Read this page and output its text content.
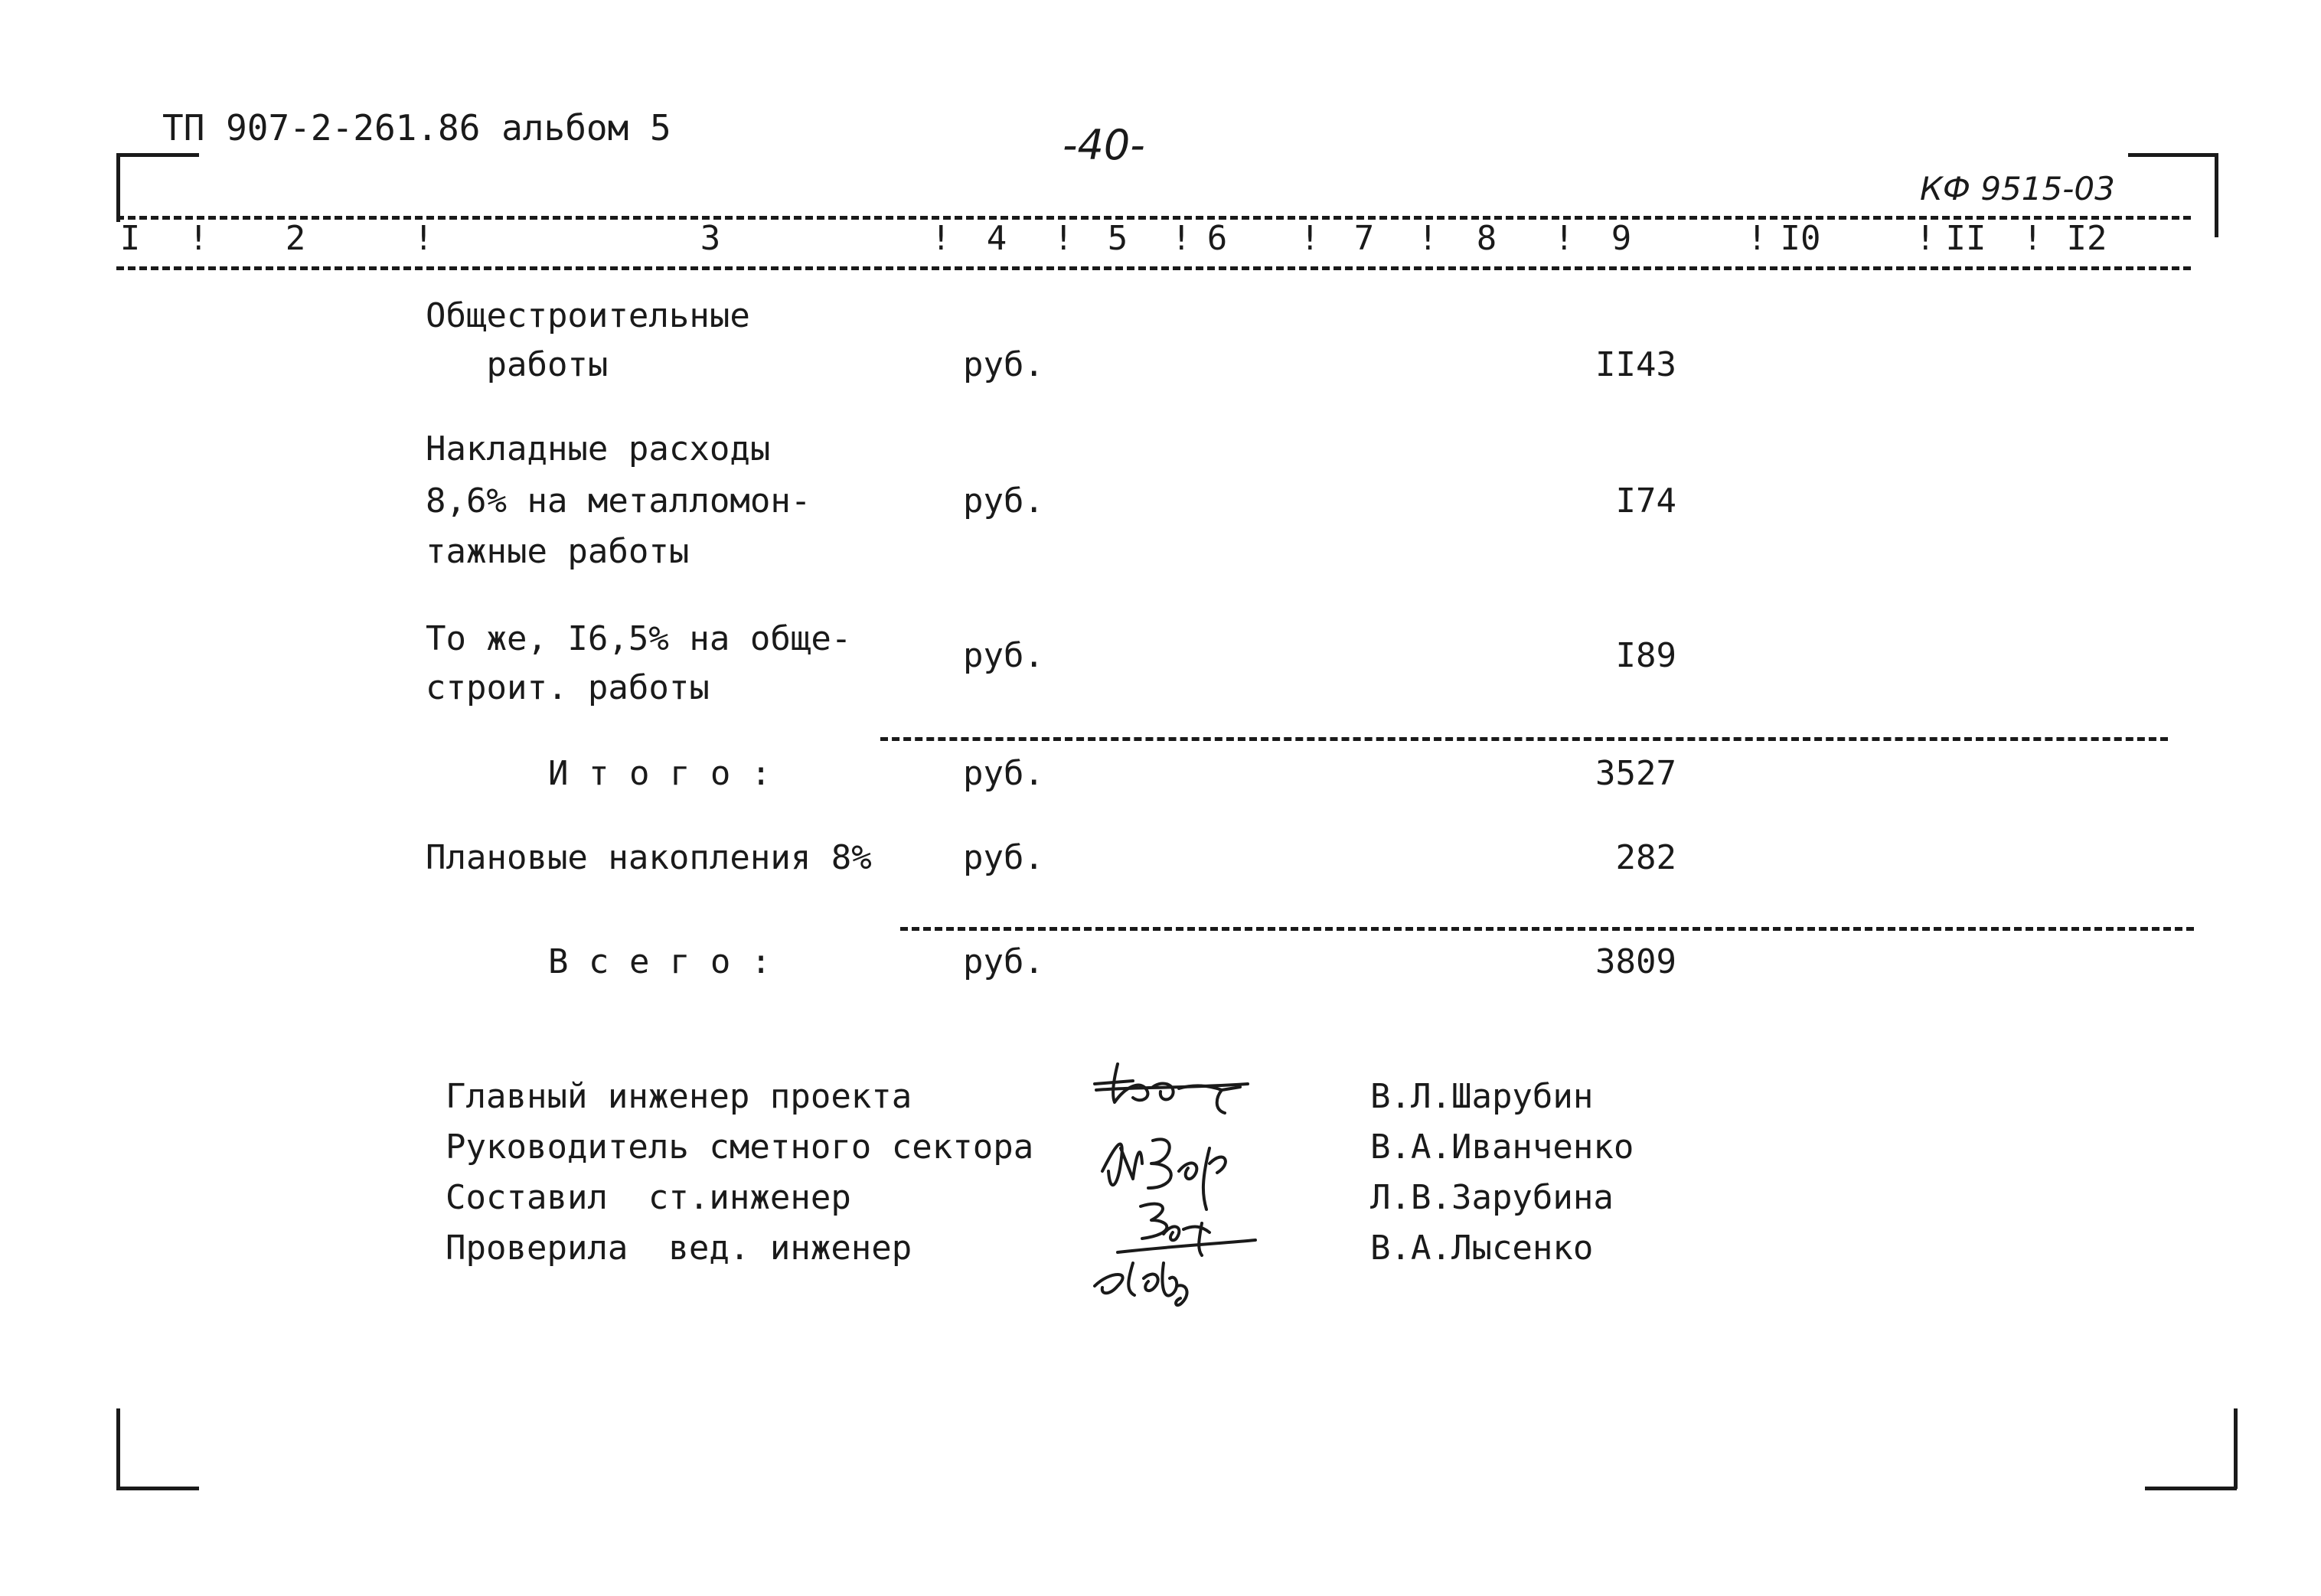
ТП 907-2-261.86 альбом 5	-40-
КФ 9515-03
I ! 2	!	3	! 4 ! 5 ! 6 ! 7 ! 8 ! 9	! I0	! II	! I2
Общестроительные
работы	руб.	II43
Накладные расходы
8,6% на металломон-
тажные работы
руб.	I74
То же, I6,5% на обще-
строит. работы
руб.	I89
И т о г о :	руб.	3527
Плановые накопления 8%	руб.	282
В с е г о :	руб.	3809
Главный инженер проекта	В.Л.Шарубин
Руководитель сметного сектора	В.А.Иванченко
Составил  ст.инженер	Л.В.Зарубина
Проверила  вед. инженер	В.А.Лысенко
